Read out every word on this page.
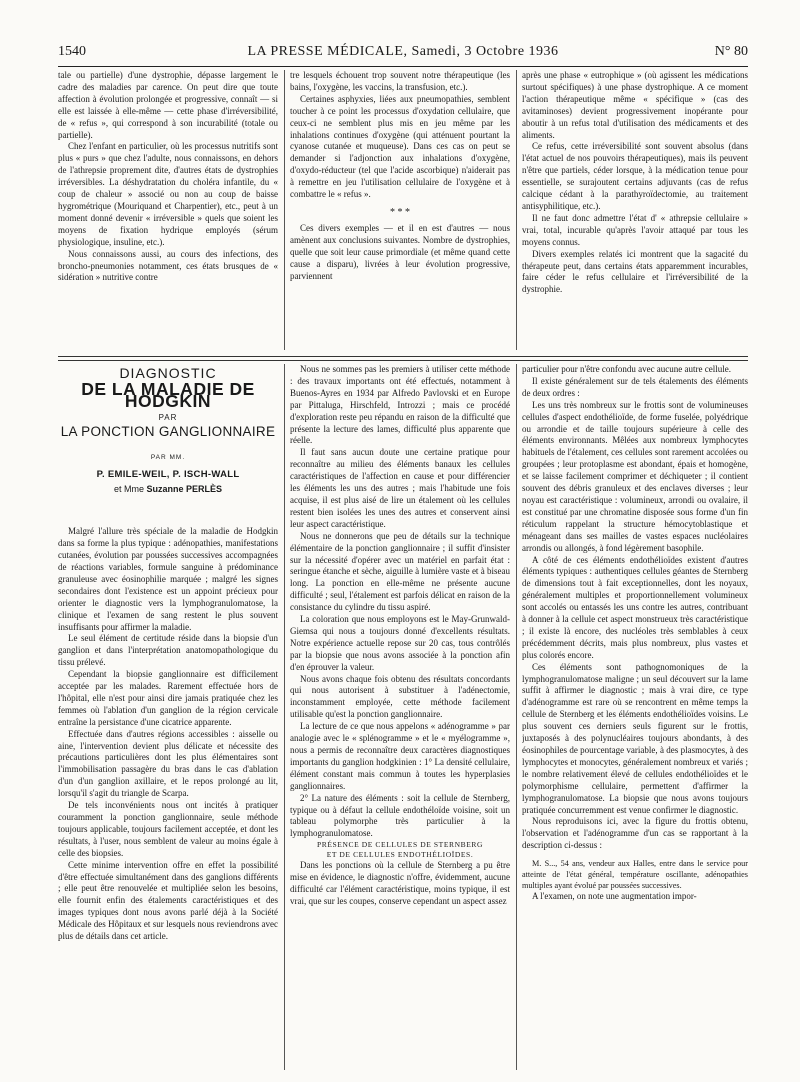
1540	LA PRESSE MÉDICALE, Samedi, 3 Octobre 1936	N° 80

tale ou partielle) d'une dystrophie, dépasse largement le cadre des maladies par carence. On peut dire que toute affection à évolution prolongée et progressive, connaît — si elle est laissée à elle-même — cette phase d'irréversibilité, de « refus », qui correspond à son incurabilité (totale ou partielle).

Chez l'enfant en particulier, où les processus nutritifs sont plus « purs » que chez l'adulte, nous connaissons, en dehors de l'athrepsie proprement dite, d'autres états de dystrophies irréversibles. La déshydratation du choléra infantile, du « coup de chaleur » associé ou non au coup de baisse hygrométrique (Mouriquand et Charpentier), etc., peut à un moment donné devenir « irréversible » quels que soient les moyens de fixation hydrique employés (sérum physiologique, insuline, etc.).

Nous connaissons aussi, au cours des infections, des broncho-pneumonies notamment, ces états brusques de « sidération » nutritive contre

tre lesquels échouent trop souvent notre thérapeutique (les bains, l'oxygène, les vaccins, la transfusion, etc.).

Certaines asphyxies, liées aux pneumopathies, semblent toucher à ce point les processus d'oxydation cellulaire, que ceux-ci ne semblent plus mis en jeu même par les inhalations continues d'oxygène (qui atténuent pourtant la cyanose cutanée et muqueuse). Dans ces cas on peut se demander si l'adjonction aux inhalations d'oxygène, d'oxydo-réducteur (tel que l'acide ascorbique) n'aiderait pas à remettre en jeu l'utilisation cellulaire de l'oxygène et à combattre le « refus ».

* * *

Ces divers exemples — et il en est d'autres — nous amènent aux conclusions suivantes. Nombre de dystrophies, quelle que soit leur cause primordiale (et même quand cette cause a disparu), livrées à leur évolution progressive, parviennent

après une phase « eutrophique » (où agissent les médications surtout spécifiques) à une phase dystrophique. A ce moment l'action thérapeutique même « spécifique » (cas des avitaminoses) devient progressivement inopérante pour aboutir à un refus total d'utilisation des médicaments et des aliments.

Ce refus, cette irréversibilité sont souvent absolus (dans l'état actuel de nos pouvoirs thérapeutiques), mais ils peuvent n'être que partiels, céder lorsque, à la médication tenue pour essentielle, se surajoutent certains adjuvants (cas de refus calcique cédant à la parathyroïdectomie, au traitement antisyphilitique, etc.).

Il ne faut donc admettre l'état d' « athrepsie cellulaire » vrai, total, incurable qu'après l'avoir attaqué par tous les moyens connus.

Divers exemples relatés ici montrent que la sagacité du thérapeute peut, dans certains états apparemment incurables, faire céder le refus cellulaire et l'irréversibilité de la dystrophie.

DIAGNOSTIC
DE LA MALADIE DE HODGKIN
PAR
LA PONCTION GANGLIONNAIRE
PAR MM.
P. EMILE-WEIL, P. ISCH-WALL
et Mme Suzanne PERLÈS

Malgré l'allure très spéciale de la maladie de Hodgkin dans sa forme la plus typique : adénopathies, manifestations cutanées, évolution par poussées successives accompagnées de réactions variables, formule sanguine à prédominance granuleuse avec éosinophilie marquée ; malgré les signes secondaires dont l'existence est un appoint précieux pour orienter le diagnostic vers la lymphogranulomatose, la clinique et l'examen de sang restent le plus souvent insuffisants pour affirmer la maladie.

Le seul élément de certitude réside dans la biopsie d'un ganglion et dans l'interprétation anatomopathologique du tissu prélevé.

Cependant la biopsie ganglionnaire est difficilement acceptée par les malades. Rarement effectuée hors de l'hôpital, elle n'est pour ainsi dire jamais pratiquée chez les femmes où l'ablation d'un ganglion de la région cervicale entraîne la persistance d'une cicatrice apparente.

Effectuée dans d'autres régions accessibles : aisselle ou aine, l'intervention devient plus délicate et nécessite des précautions particulières dont les plus élémentaires sont l'immobilisation passagère du bras dans le cas d'ablation d'un d'un ganglion axillaire, et le repos prolongé au lit, lorsqu'il s'agit du triangle de Scarpa.

De tels inconvénients nous ont incités à pratiquer couramment la ponction ganglionnaire, seule méthode toujours applicable, toujours facilement acceptée, et dont les résultats, à l'user, nous semblent de valeur au moins égale à celle des biopsies.

Cette minime intervention offre en effet la possibilité d'être effectuée simultanément dans des ganglions différents ; elle peut être renouvelée et multipliée selon les besoins, elle fournit enfin des étalements caractéristiques et des images typiques dont nous avons parlé déjà à la Société Médicale des Hôpitaux et sur lesquels nous reviendrons avec plus de détails dans cet article.

Nous ne sommes pas les premiers à utiliser cette méthode : des travaux importants ont été effectués, notamment à Buenos-Ayres en 1934 par Alfredo Pavlovski et en Europe par Pittaluga, Hirschfeld, Introzzi ; mais ce procédé d'exploration reste peu répandu en raison de la difficulté que présente la lecture des lames, difficulté plus apparente que réelle.

Il faut sans aucun doute une certaine pratique pour reconnaître au milieu des éléments banaux les cellules caractéristiques de l'affection en cause et pour différencier les éléments les uns des autres ; mais l'habitude une fois acquise, il est plus aisé de lire un étalement où les cellules restent bien isolées les unes des autres et conservent ainsi leur aspect caractéristique.

Nous ne donnerons que peu de détails sur la technique élémentaire de la ponction ganglionnaire ; il suffit d'insister sur la nécessité d'opérer avec un matériel en parfait état : seringue étanche et sèche, aiguille à lumière vaste et à biseau long. La ponction en elle-même ne présente aucune difficulté ; seul, l'étalement est parfois délicat en raison de la consistance du cylindre du tissu aspiré.

La coloration que nous employons est le May-Grunwald-Giemsa qui nous a toujours donné d'excellents résultats. Notre expérience actuelle repose sur 20 cas, tous contrôlés par la biopsie que nous avons associée à la ponction afin d'en éprouver la valeur.

Nous avons chaque fois obtenu des résultats concordants qui nous autorisent à substituer à l'adénectomie, inconstamment employée, cette méthode facilement utilisable qu'est la ponction ganglionnaire.

La lecture de ce que nous appelons « adénogramme » par analogie avec le « splénogramme » et le « myélogramme », nous a permis de reconnaître deux caractères diagnostiques importants du ganglion hodgkinien : 1° La densité cellulaire, élément constant mais commun à toutes les hyperplasies ganglionnaires.

2° La nature des éléments : soit la cellule de Sternberg, typique ou à défaut la cellule endothéloïde voisine, soit un tableau polymorphe très particulier à la lymphogranulomatose.

PRÉSENCE DE CELLULES DE STERNBERG
ET DE CELLULES ENDOTHÉLIOÏDES.

Dans les ponctions où la cellule de Sternberg a pu être mise en évidence, le diagnostic n'offre, évidemment, aucune difficulté car l'élément caractéristique, moins typique, il est vrai, que sur les coupes, conserve cependant un aspect assez

particulier pour n'être confondu avec aucune autre cellule.

Il existe généralement sur de tels étalements des éléments de deux ordres :

Les uns très nombreux sur le frottis sont de volumineuses cellules d'aspect endothélioïde, de forme fuselée, polyédrique ou arrondie et de taille toujours supérieure à celle des éléments environnants. Mêlées aux nombreux lymphocytes habituels de l'étalement, ces cellules sont rarement accolées ou groupées ; leur protoplasme est abondant, épais et homogène, et se laisse facilement comprimer et déchiqueter ; il contient souvent des débris granuleux et des enclaves diverses ; leur noyau est caractéristique : volumineux, arrondi ou ovalaire, il est constitué par une chromatine disposée sous forme d'un fin réticulum rappelant la structure hémocytoblastique et ménageant dans ses mailles de vastes espaces nucléolaires arrondis ou allongés, à fond légèrement basophile.

A côté de ces éléments endothélioïdes existent d'autres éléments typiques : authentiques cellules géantes de Sternberg de dimensions tout à fait exceptionnelles, dont les noyaux, généralement multiples et proportionnellement volumineux sont accolés ou entassés les uns contre les autres, contribuant à donner à la cellule cet aspect monstrueux très caractéristique ; il existe là encore, des nucléoles très semblables à ceux précédemment décrits, mais plus nombreux, plus vastes et plus colorés encore.

Ces éléments sont pathognomoniques de la lymphogranulomatose maligne ; un seul découvert sur la lame suffit à affirmer le diagnostic ; mais à vrai dire, ce type d'adénogramme est rare où se rencontrent en même temps la cellule de Sternberg et les éléments endothélioïdes voisins. Le plus souvent ces derniers seuls figurent sur le frottis, juxtaposés à des polynucléaires toujours abondants, à des éosinophiles de pourcentage variable, à des plasmocytes, à des lymphocytes et monocytes, généralement nombreux et variés ; le nombre relativement élevé de cellules endothélioïdes et le polymorphisme cellulaire, permettent d'affirmer la lymphogranulomatose. La biopsie que nous avons toujours pratiquée concurremment est venue confirmer le diagnostic.

Nous reproduisons ici, avec la figure du frottis obtenu, l'observation et l'adénogramme d'un cas se rapportant à la description ci-dessus :

M. S..., 54 ans, vendeur aux Halles, entre dans le service pour atteinte de l'état général, température oscillante, adénopathies multiples ayant évolué par poussées successives.

A l'examen, on note une augmentation impor-
